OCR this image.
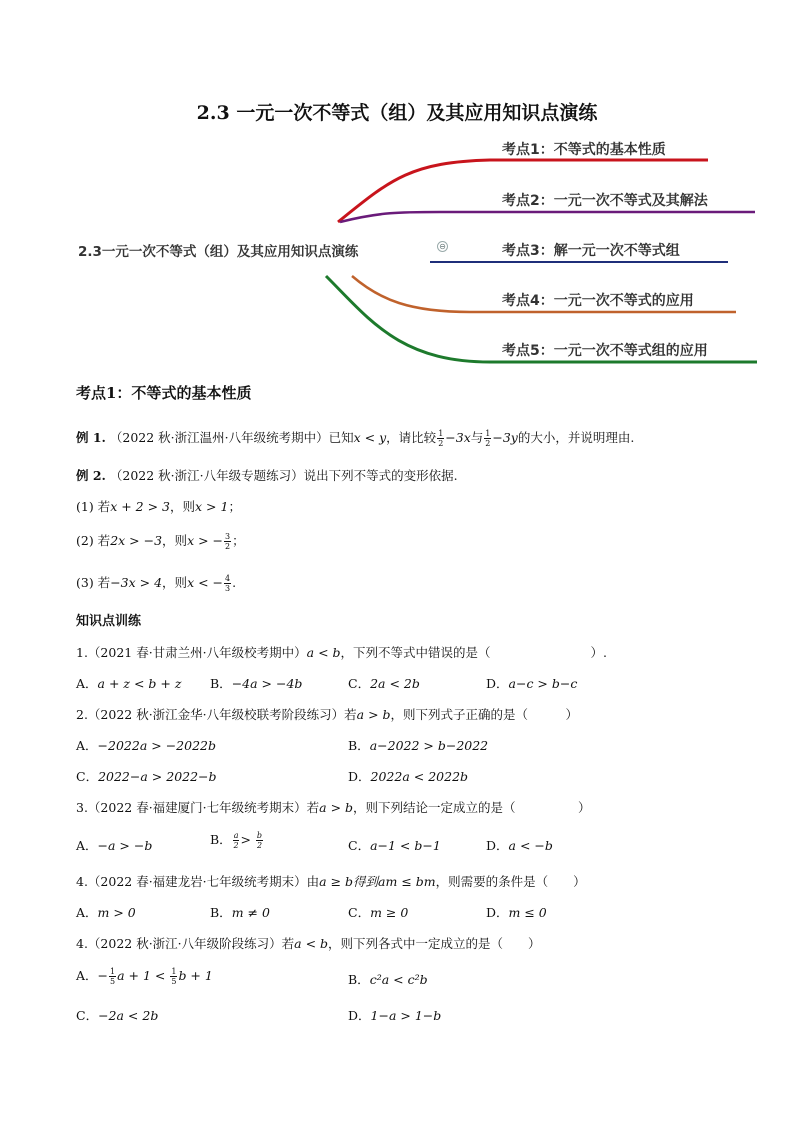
2.3 一元一次不等式（组）及其应用知识点演练
2.3一元一次不等式（组）及其应用知识点演练	⊖
考点1：不等式的基本性质
考点2：一元一次不等式及其解法
考点3：解一元一次不等式组
考点4：一元一次不等式的应用
考点5：一元一次不等式组的应用
考点1：不等式的基本性质
例 1. （2022 秋·浙江温州·八年级统考期中）已知x < y，请比较 $\frac{1}{2} -3x$与 $\frac{1}{2} -3y$的大小，并说明理由.
例 2. （2022 秋·浙江·八年级专题练习）说出下列不等式的变形依据.
(1) 若x + 2 > 3，则x > 1；
(2) 若2x > −3，则x > − $\frac{3}{2}$ ；
(3) 若−3x > 4，则x < − $\frac{4}{3}$ .
知识点训练
1.（2021 春·甘肃兰州·八年级校考期中）a < b，下列不等式中错误的是（　　　　　　　　）.
A．a + z < b + z B．−4a > −4b	C．2a < 2b	D．a−c > b−c
2.（2022 秋·浙江金华·八年级校联考阶段练习）若a > b，则下列式子正确的是（　　　）
A．−2022a > −2022b	B．a−2022 > b−2022
C．2022−a > 2022−b	D．2022a < 2022b
3.（2022 春·福建厦门·七年级统考期末）若a > b，则下列结论一定成立的是（　　　　　）
A．−a > −b	B． $\frac{a}{2} > \frac{b}{2}$	C．a−1 < b−1	D．a < −b
4.（2022 春·福建龙岩·七年级统考期末）由a ≥ b得到am ≤ bm，则需要的条件是（　　）
A．m > 0	B．m ≠ 0	C．m ≥ 0	D．m ≤ 0
4.（2022 秋·浙江·八年级阶段练习）若a < b，则下列各式中一定成立的是（　　）
A．− $\frac{1}{5}$ $a + 1 < \frac{1}{5}$ b + 1	B．c²a < c²b
C．−2a < 2b	D．1−a > 1−b
